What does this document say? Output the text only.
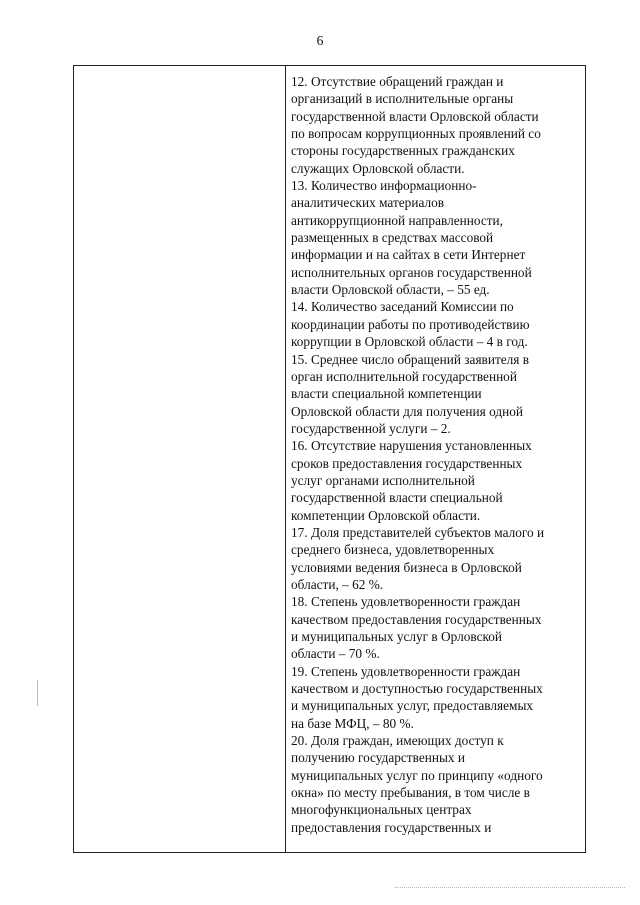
6
12. Отсутствие обращений граждан и
организаций в исполнительные органы
государственной власти Орловской области
по вопросам коррупционных проявлений со
стороны государственных гражданских
служащих Орловской области.
13. Количество информационно-
аналитических материалов
антикоррупционной направленности,
размещенных в средствах массовой
информации и на сайтах в сети Интернет
исполнительных органов государственной
власти Орловской области, – 55 ед.
14. Количество заседаний Комиссии по
координации работы по противодействию
коррупции в Орловской области – 4 в год.
15. Среднее число обращений заявителя в
орган исполнительной государственной
власти специальной компетенции
Орловской области для получения одной
государственной услуги – 2.
16. Отсутствие нарушения установленных
сроков предоставления государственных
услуг органами исполнительной
государственной власти специальной
компетенции Орловской области.
17. Доля представителей субъектов малого и
среднего бизнеса, удовлетворенных
условиями ведения бизнеса в Орловской
области, – 62 %.
18. Степень удовлетворенности граждан
качеством предоставления государственных
и муниципальных услуг в Орловской
области – 70 %.
19. Степень удовлетворенности граждан
качеством и доступностью государственных
и муниципальных услуг, предоставляемых
на базе МФЦ, – 80 %.
20. Доля граждан, имеющих доступ к
получению государственных и
муниципальных услуг по принципу «одного
окна» по месту пребывания, в том числе в
многофункциональных центрах
предоставления государственных и
